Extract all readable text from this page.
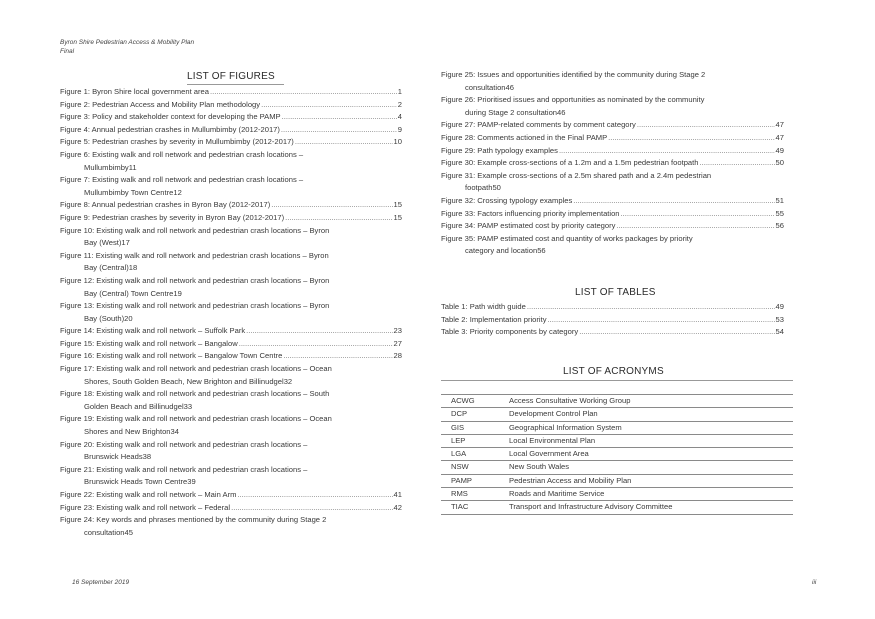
Byron Shire Pedestrian Access & Mobility Plan
Final
LIST OF FIGURES
Figure 1: Byron Shire local government area .....	1
Figure 2: Pedestrian Access and Mobility Plan methodology .....	2
Figure 3: Policy and stakeholder context for developing the PAMP .....	4
Figure 4: Annual pedestrian crashes in Mullumbimby (2012-2017) .....	9
Figure 5: Pedestrian crashes by severity in Mullumbimby (2012-2017) .....	10
Figure 6: Existing walk and roll network and pedestrian crash locations –
Mullumbimby 11
Figure 7: Existing walk and roll network and pedestrian crash locations –
Mullumbimby Town Centre 12
Figure 8: Annual pedestrian crashes in Byron Bay (2012-2017) .....	15
Figure 9: Pedestrian crashes by severity in Byron Bay (2012-2017) .....	15
Figure 10: Existing walk and roll network and pedestrian crash locations – Byron
Bay (West) 17
Figure 11: Existing walk and roll network and pedestrian crash locations – Byron
Bay (Central) 18
Figure 12: Existing walk and roll network and pedestrian crash locations – Byron
Bay (Central) Town Centre 19
Figure 13: Existing walk and roll network and pedestrian crash locations – Byron
Bay (South) 20
Figure 14: Existing walk and roll network – Suffolk Park .....	23
Figure 15: Existing walk and roll network – Bangalow .....	27
Figure 16: Existing walk and roll network – Bangalow Town Centre .....	28
Figure 17: Existing walk and roll network and pedestrian crash locations – Ocean
Shores, South Golden Beach, New Brighton and Billinudgel 32
Figure 18: Existing walk and roll network and pedestrian crash locations – South
Golden Beach and Billinudgel 33
Figure 19: Existing walk and roll network and pedestrian crash locations – Ocean
Shores and New Brighton 34
Figure 20: Existing walk and roll network and pedestrian crash locations –
Brunswick Heads 38
Figure 21: Existing walk and roll network and pedestrian crash locations –
Brunswick Heads Town Centre 39
Figure 22: Existing walk and roll network – Main Arm .....	41
Figure 23: Existing walk and roll network – Federal .....	42
Figure 24: Key words and phrases mentioned by the community during Stage 2
consultation 45
Figure 25: Issues and opportunities identified by the community during Stage 2
consultation 46
Figure 26: Prioritised issues and opportunities as nominated by the community
during Stage 2 consultation 46
Figure 27: PAMP-related comments by comment category .....	47
Figure 28: Comments actioned in the Final PAMP .....	47
Figure 29: Path typology examples .....	49
Figure 30: Example cross-sections of a 1.2m and a 1.5m pedestrian footpath .....	50
Figure 31: Example cross-sections of a 2.5m shared path and a 2.4m pedestrian
footpath 50
Figure 32: Crossing typology examples .....	51
Figure 33: Factors influencing priority implementation .....	55
Figure 34: PAMP estimated cost by priority category .....	56
Figure 35: PAMP estimated cost and quantity of works packages by priority
category and location 56
LIST OF TABLES
Table 1: Path width guide .....	49
Table 2: Implementation priority .....	53
Table 3: Priority components by category .....	54
LIST OF ACRONYMS
ACWG	Access Consultative Working Group
DCP	Development Control Plan
GIS	Geographical Information System
LEP	Local Environmental Plan
LGA	Local Government Area
NSW	New South Wales
PAMP	Pedestrian Access and Mobility Plan
RMS	Roads and Maritime Service
TIAC	Transport and Infrastructure Advisory Committee
16 September 2019	iii
